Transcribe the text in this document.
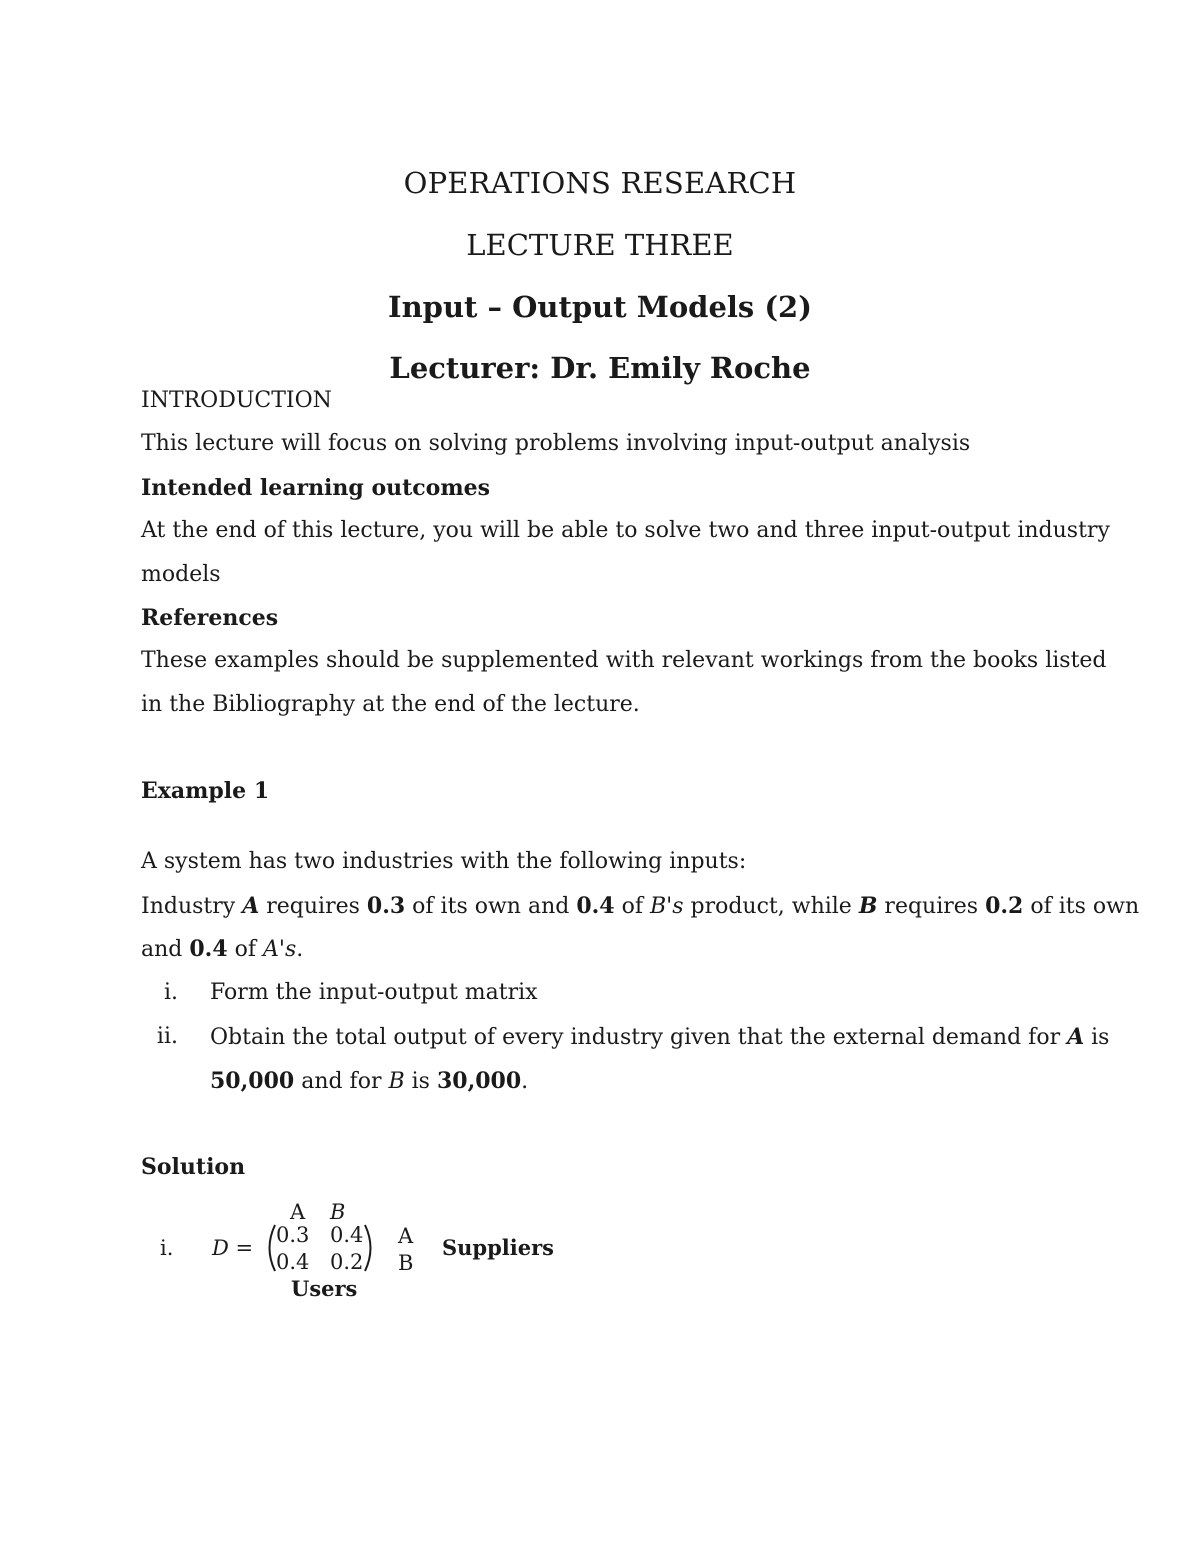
OPERATIONS RESEARCH
LECTURE THREE
Input – Output Models (2)
Lecturer: Dr. Emily Roche
INTRODUCTION
This lecture will focus on solving problems involving input-output analysis
Intended learning outcomes
At the end of this lecture, you will be able to solve two and three input-output industry
models
References
These examples should be supplemented with relevant workings from the books listed
in the Bibliography at the end of the lecture.
Example 1
A system has two industries with the following inputs:
Industry A requires 0.3 of its own and 0.4 of B's product, while B requires 0.2 of its own
and 0.4 of A's.
i. Form the input-output matrix
ii. Obtain the total output of every industry given that the external demand for A is
50,000 and for B is 30,000.
Solution
A B
i. D =
0.3 0.4
0.4 0.2
A
B
Suppliers
Users
